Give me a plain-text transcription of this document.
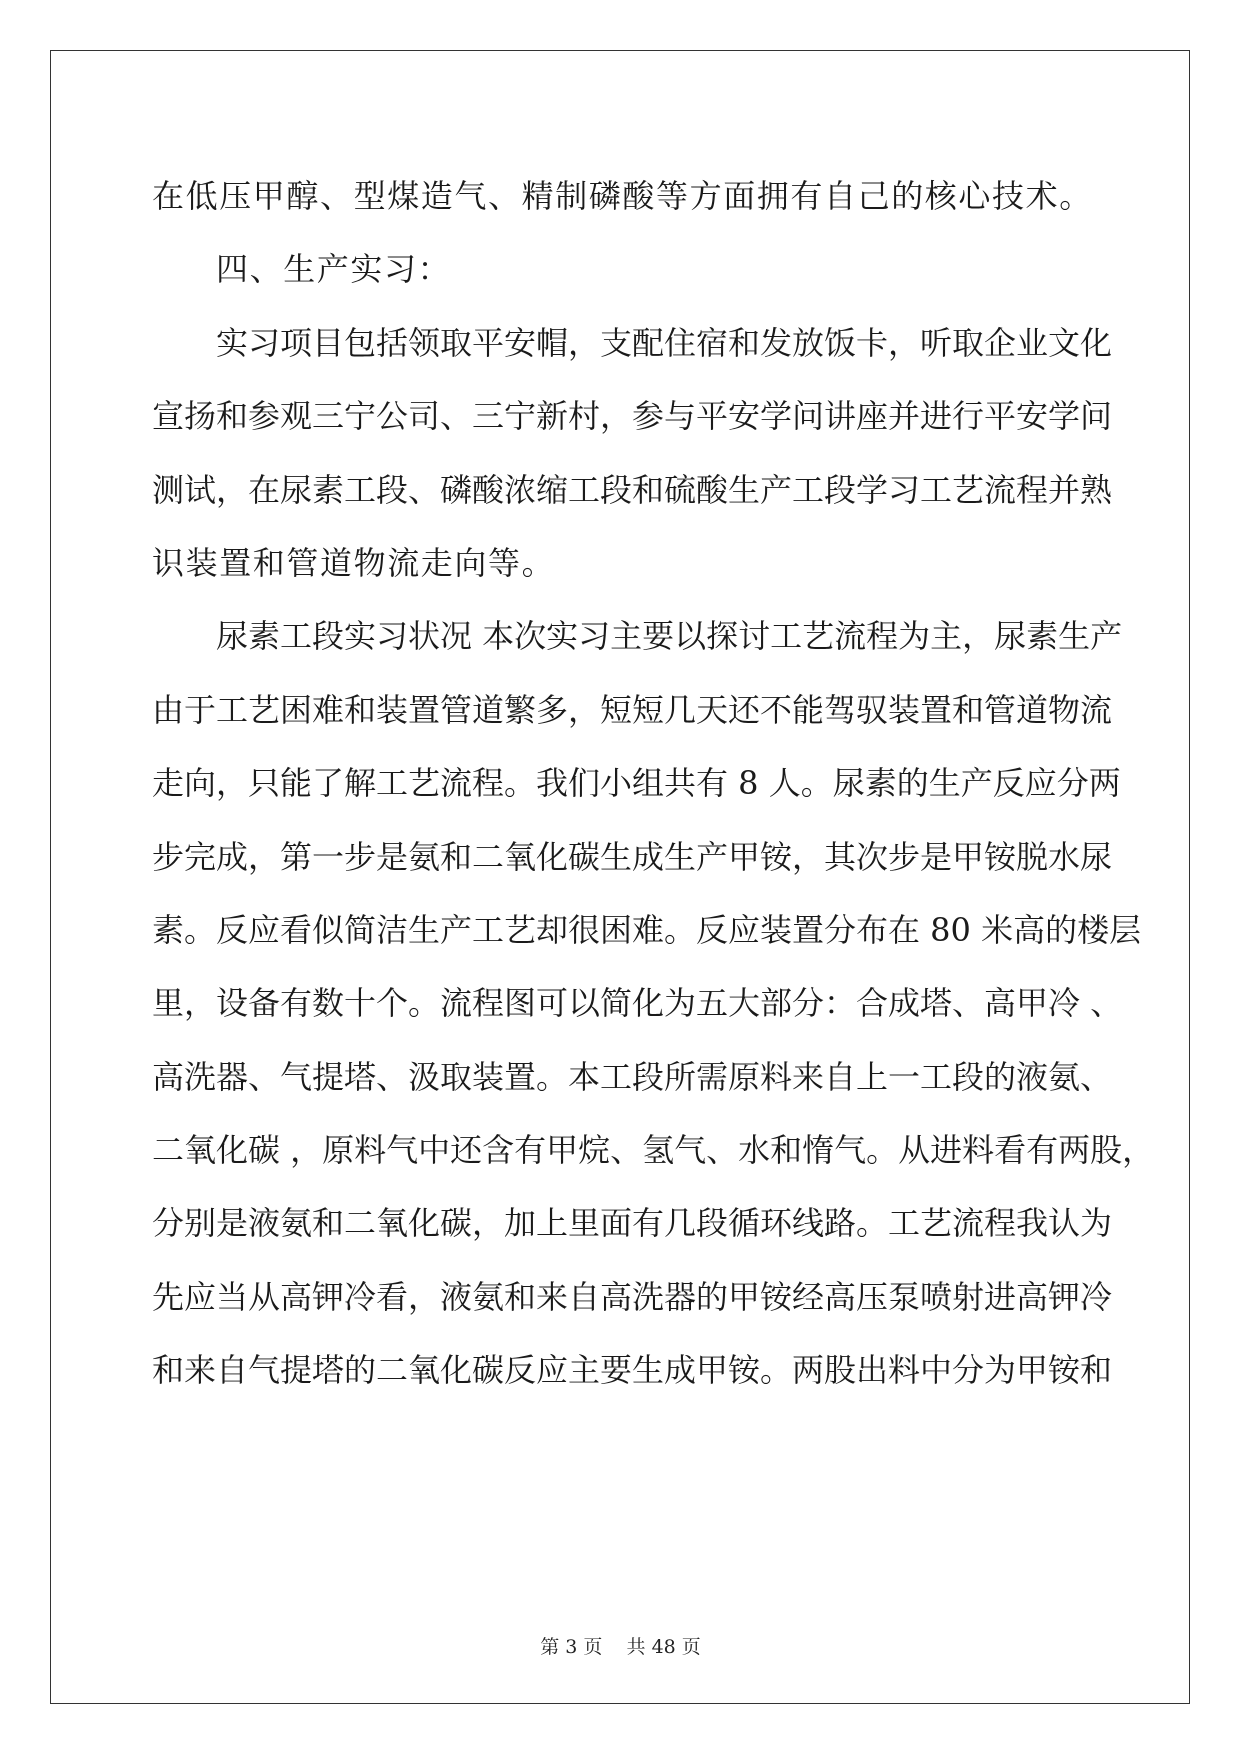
在低压甲醇、型煤造气、精制磷酸等方面拥有自己的核心技术。
四、生产实习：
实习项目包括领取平安帽，支配住宿和发放饭卡，听取企业文化
宣扬和参观三宁公司、三宁新村，参与平安学问讲座并进行平安学问
测试，在尿素工段、磷酸浓缩工段和硫酸生产工段学习工艺流程并熟
识装置和管道物流走向等。
尿素工段实习状况 本次实习主要以探讨工艺流程为主，尿素生产
由于工艺困难和装置管道繁多，短短几天还不能驾驭装置和管道物流
走向，只能了解工艺流程。我们小组共有 8 人。尿素的生产反应分两
步完成，第一步是氨和二氧化碳生成生产甲铵，其次步是甲铵脱水尿
素。反应看似简洁生产工艺却很困难。反应装置分布在 80 米高的楼层
里，设备有数十个。流程图可以简化为五大部分：合成塔、高甲冷 、
高洗器、气提塔、汲取装置。本工段所需原料来自上一工段的液氨、
二氧化碳 ，原料气中还含有甲烷、氢气、水和惰气。从进料看有两股，
分别是液氨和二氧化碳，加上里面有几段循环线路。工艺流程我认为
先应当从高钾冷看，液氨和来自高洗器的甲铵经高压泵喷射进高钾冷
和来自气提塔的二氧化碳反应主要生成甲铵。两股出料中分为甲铵和
第 3 页 共 48 页
